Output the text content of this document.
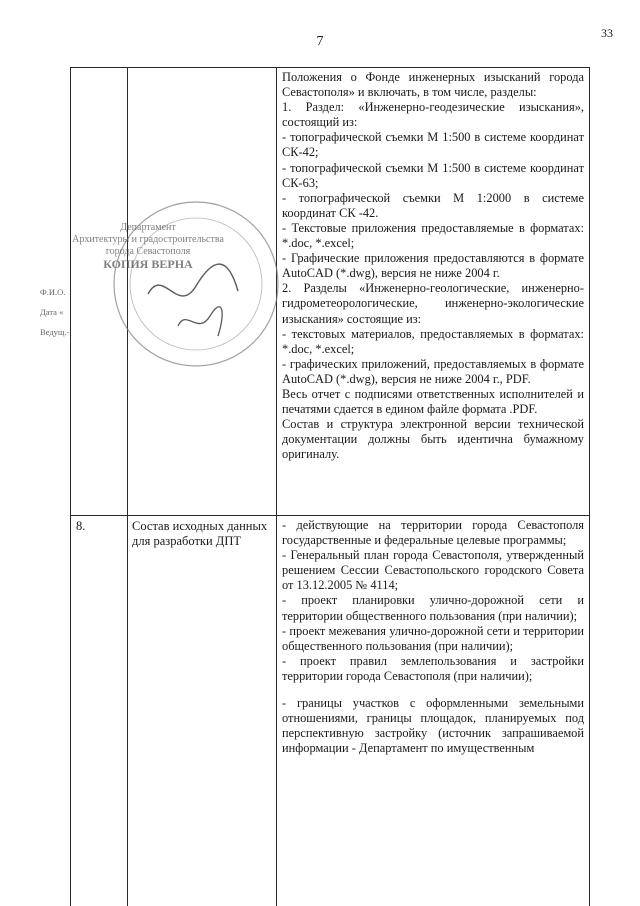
33
7

Положения о Фонде инженерных изысканий города Севастополя» и включать, в том числе, разделы:

1. Раздел: «Инженерно-геодезические изыскания», состоящий из:

- топографической съемки М 1:500 в системе координат СК-42;

- топографической съемки М 1:500 в системе координат СК-63;

- топографической съемки М 1:2000 в системе координат СК -42.

- Текстовые приложения предоставляемые в форматах: *.doc, *.excel;

- Графические приложения предоставляются в формате AutoCAD (*.dwg), версия не ниже 2004 г.

2. Разделы «Инженерно-геологические, инженерно-гидрометеорологические, инженерно-экологические изыскания» состоящие из:

- текстовых материалов, предоставляемых в форматах: *.doc, *.excel;

- графических приложений, предоставляемых в формате AutoCAD (*.dwg), версия не ниже 2004 г., PDF.

Весь отчет с подписями ответственных исполнителей и печатями сдается в едином файле формата .PDF.

Состав и структура электронной версии технической документации должны быть идентична бумажному оригиналу.

8.	Состав исходных данных для разработки ДПТ

- действующие на территории города Севастополя государственные и федеральные целевые программы;

- Генеральный план города Севастополя, утвержденный решением Сессии Севастопольского городского Совета от 13.12.2005 № 4114;

- проект планировки улично-дорожной сети и территории общественного пользования (при наличии);

- проект межевания улично-дорожной сети и территории общественного пользования (при наличии);

- проект правил землепользования и застройки территории города Севастополя (при наличии);

- границы участков с оформленными земельными отношениями, границы площадок, планируемых под перспективную застройку (источник запрашиваемой информации - Департамент по имущественным

Департамент
Архитектуры и градостроительства
города Севастополя
КОПИЯ ВЕРНА
Ф.И.О.
Дата «
Ведущ.-
